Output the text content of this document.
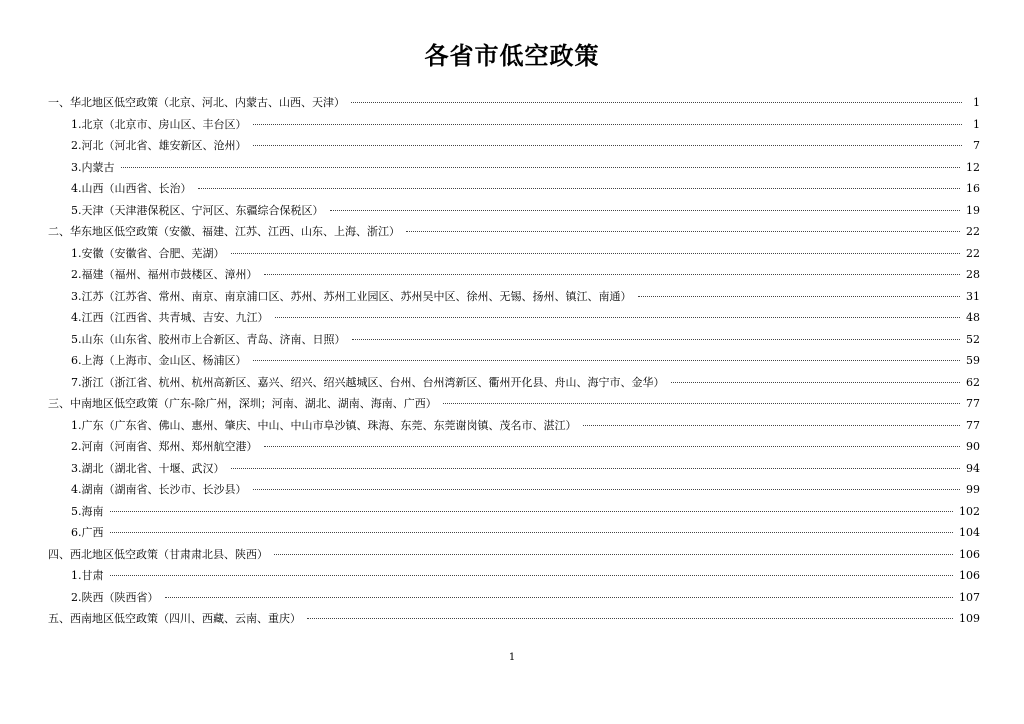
各省市低空政策
一、华北地区低空政策（北京、河北、内蒙古、山西、天津）	1
1.北京（北京市、房山区、丰台区）	1
2.河北（河北省、雄安新区、沧州）	7
3.内蒙古	12
4.山西（山西省、长治）	16
5.天津（天津港保税区、宁河区、东疆综合保税区）	19
二、华东地区低空政策（安徽、福建、江苏、江西、山东、上海、浙江）	22
1.安徽（安徽省、合肥、芜湖）	22
2.福建（福州、福州市鼓楼区、漳州）	28
3.江苏（江苏省、常州、南京、南京浦口区、苏州、苏州工业园区、苏州吴中区、徐州、无锡、扬州、镇江、南通）	31
4.江西（江西省、共青城、吉安、九江）	48
5.山东（山东省、胶州市上合新区、青岛、济南、日照）	52
6.上海（上海市、金山区、杨浦区）	59
7.浙江（浙江省、杭州、杭州高新区、嘉兴、绍兴、绍兴越城区、台州、台州湾新区、衢州开化县、舟山、海宁市、金华）	62
三、中南地区低空政策（广东-除广州，深圳；河南、湖北、湖南、海南、广西）	77
1.广东（广东省、佛山、惠州、肇庆、中山、中山市阜沙镇、珠海、东莞、东莞谢岗镇、茂名市、湛江）	77
2.河南（河南省、郑州、郑州航空港）	90
3.湖北（湖北省、十堰、武汉）	94
4.湖南（湖南省、长沙市、长沙县）	99
5.海南	102
6.广西	104
四、西北地区低空政策（甘肃肃北县、陕西）	106
1.甘肃	106
2.陕西（陕西省）	107
五、西南地区低空政策（四川、西藏、云南、重庆）	109
1
